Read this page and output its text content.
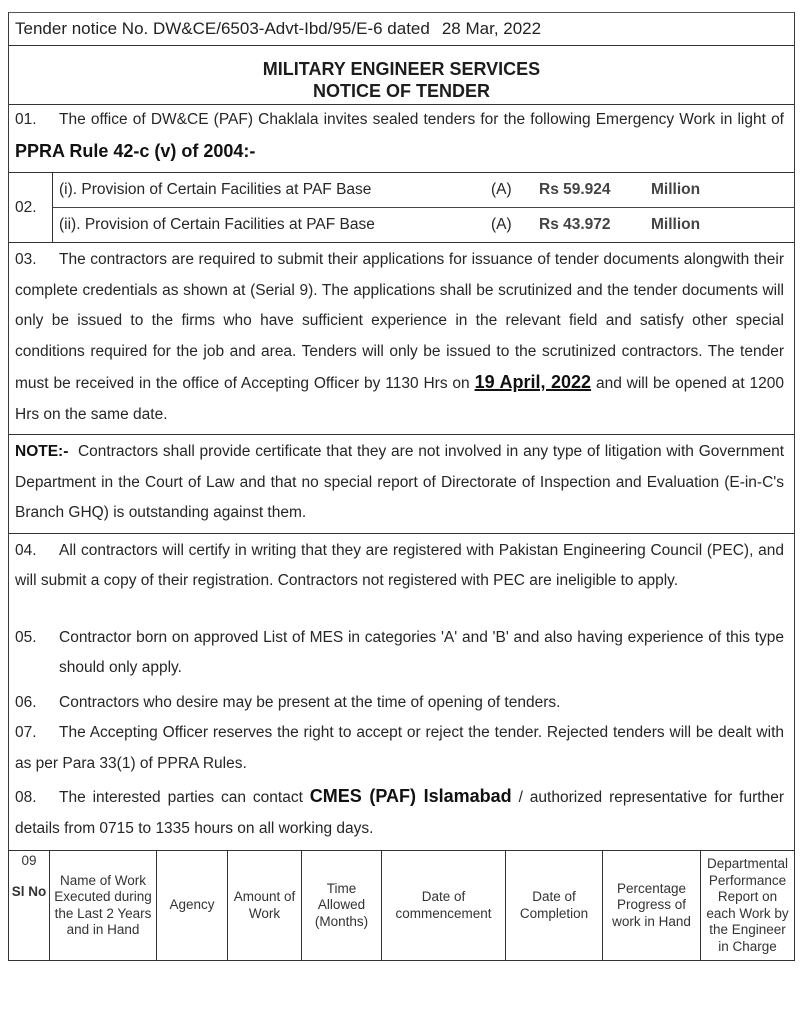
Tender notice No. DW&CE/6503-Advt-Ibd/95/E-6 dated 28 Mar, 2022
MILITARY ENGINEER SERVICES
NOTICE OF TENDER
01. The office of DW&CE (PAF) Chaklala invites sealed tenders for the following Emergency Work in light of PPRA Rule 42-c (v) of 2004:-
02.
(i). Provision of Certain Facilities at PAF Base	(A)	Rs 59.924	Million
(ii). Provision of Certain Facilities at PAF Base	(A)	Rs 43.972	Million
03. The contractors are required to submit their applications for issuance of tender documents alongwith their complete credentials as shown at (Serial 9). The applications shall be scrutinized and the tender documents will only be issued to the firms who have sufficient experience in the relevant field and satisfy other special conditions required for the job and area. Tenders will only be issued to the scrutinized contractors. The tender must be received in the office of Accepting Officer by 1130 Hrs on 19 April, 2022 and will be opened at 1200 Hrs on the same date.
NOTE:- Contractors shall provide certificate that they are not involved in any type of litigation with Government Department in the Court of Law and that no special report of Directorate of Inspection and Evaluation (E-in-C's Branch GHQ) is outstanding against them.
04. All contractors will certify in writing that they are registered with Pakistan Engineering Council (PEC), and will submit a copy of their registration. Contractors not registered with PEC are ineligible to apply.
05.	Contractor born on approved List of MES in categories 'A' and 'B' and also having experience of this type should only apply.
06. Contractors who desire may be present at the time of opening of tenders.
07. The Accepting Officer reserves the right to accept or reject the tender. Rejected tenders will be dealt with as per Para 33(1) of PPRA Rules.
08. The interested parties can contact CMES (PAF) Islamabad / authorized representative for further details from 0715 to 1335 hours on all working days.
09
Sl No
	Name of Work Executed during the Last 2 Years and in Hand	Agency	Amount of Work	Time Allowed (Months)	Date of commencement	Date of Completion	Percentage Progress of work in Hand	Departmental Performance Report on each Work by the Engineer in Charge
